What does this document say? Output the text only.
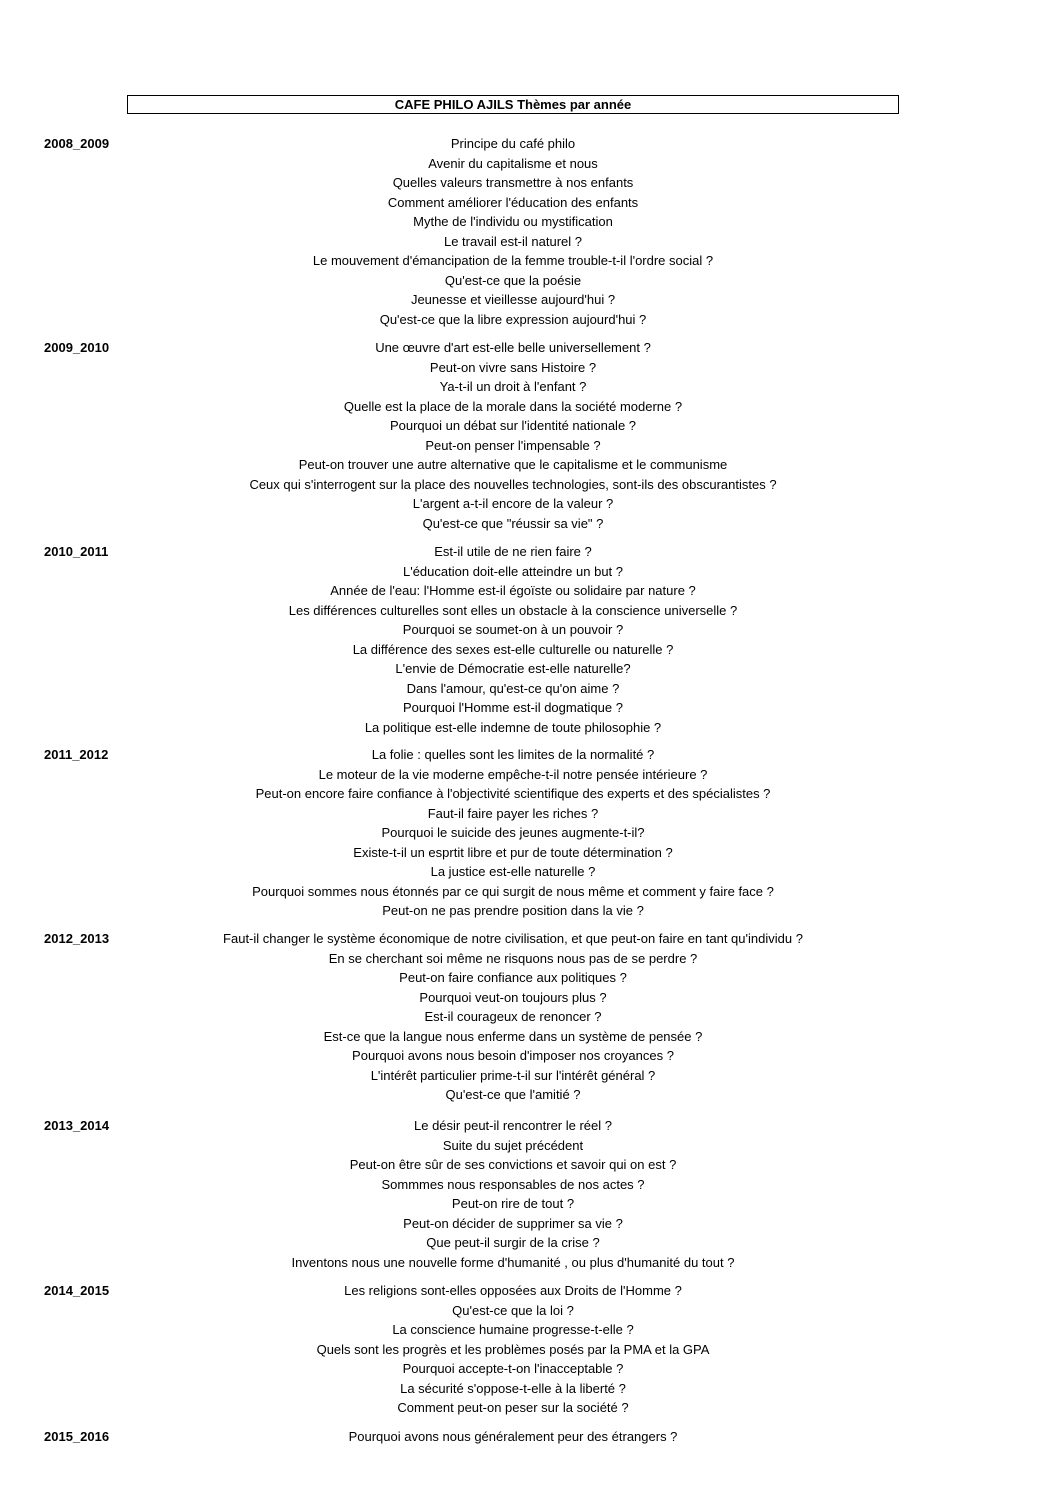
CAFE PHILO AJILS Thèmes par année
2008_2009	Principe du café philo
Avenir du capitalisme et nous
Quelles valeurs transmettre à nos enfants
Comment améliorer l'éducation des enfants
Mythe de l'individu ou mystification
Le travail est-il naturel ?
Le mouvement d'émancipation de la femme trouble-t-il l'ordre social ?
Qu'est-ce que la poésie
Jeunesse et vieillesse aujourd'hui ?
Qu'est-ce que la libre expression aujourd'hui ?
2009_2010	Une œuvre d'art est-elle belle universellement ?
Peut-on vivre sans Histoire ?
Ya-t-il un droit à l'enfant ?
Quelle est la place de la morale dans la société moderne ?
Pourquoi un débat sur l'identité nationale ?
Peut-on penser l'impensable ?
Peut-on trouver une autre alternative que le capitalisme et le communisme
Ceux qui s'interrogent sur la place des nouvelles technologies, sont-ils des obscurantistes ?
L'argent a-t-il encore de la valeur ?
Qu'est-ce que "réussir sa vie" ?
2010_2011	Est-il utile de ne rien faire ?
L'éducation doit-elle atteindre un but ?
Année de l'eau: l'Homme est-il égoïste ou solidaire par nature ?
Les différences culturelles sont elles un obstacle à la conscience universelle ?
Pourquoi se soumet-on à un pouvoir ?
La différence des sexes est-elle culturelle ou naturelle ?
L'envie de Démocratie est-elle naturelle?
Dans l'amour, qu'est-ce qu'on aime ?
Pourquoi l'Homme est-il dogmatique ?
La politique est-elle indemne de toute philosophie ?
2011_2012	La folie : quelles sont les limites de la normalité ?
Le moteur de la vie moderne empêche-t-il notre pensée intérieure ?
Peut-on encore faire confiance à l'objectivité scientifique des experts et des spécialistes ?
Faut-il faire payer les riches ?
Pourquoi le suicide des jeunes augmente-t-il?
Existe-t-il un esprtit libre et pur de toute détermination ?
La justice est-elle naturelle ?
Pourquoi sommes nous étonnés par ce qui surgit de nous même et comment y faire face ?
Peut-on ne pas prendre position dans la vie ?
2012_2013	Faut-il changer le système économique de notre civilisation, et que peut-on faire en tant qu'individu ?
En se cherchant soi même ne risquons nous pas de se perdre ?
Peut-on faire confiance aux politiques ?
Pourquoi veut-on toujours plus ?
Est-il courageux de renoncer ?
Est-ce que la langue nous enferme dans un système de pensée ?
Pourquoi avons nous besoin d'imposer nos croyances ?
L'intérêt particulier prime-t-il sur l'intérêt général ?
Qu'est-ce que l'amitié ?
2013_2014	Le désir peut-il rencontrer le réel ?
Suite du sujet précédent
Peut-on être sûr de ses convictions et savoir qui on est ?
Sommmes nous responsables de nos actes ?
Peut-on rire de tout ?
Peut-on décider de supprimer sa vie ?
Que peut-il surgir de la crise ?
Inventons nous une nouvelle forme d'humanité , ou plus d'humanité du tout ?
2014_2015	Les religions sont-elles opposées aux Droits de l'Homme ?
Qu'est-ce que la loi ?
La conscience humaine progresse-t-elle ?
Quels sont les progrès et les problèmes posés par la PMA et la GPA
Pourquoi accepte-t-on l'inacceptable ?
La sécurité s'oppose-t-elle à la liberté ?
Comment peut-on peser sur la société ?
2015_2016	Pourquoi avons nous généralement peur des étrangers ?
